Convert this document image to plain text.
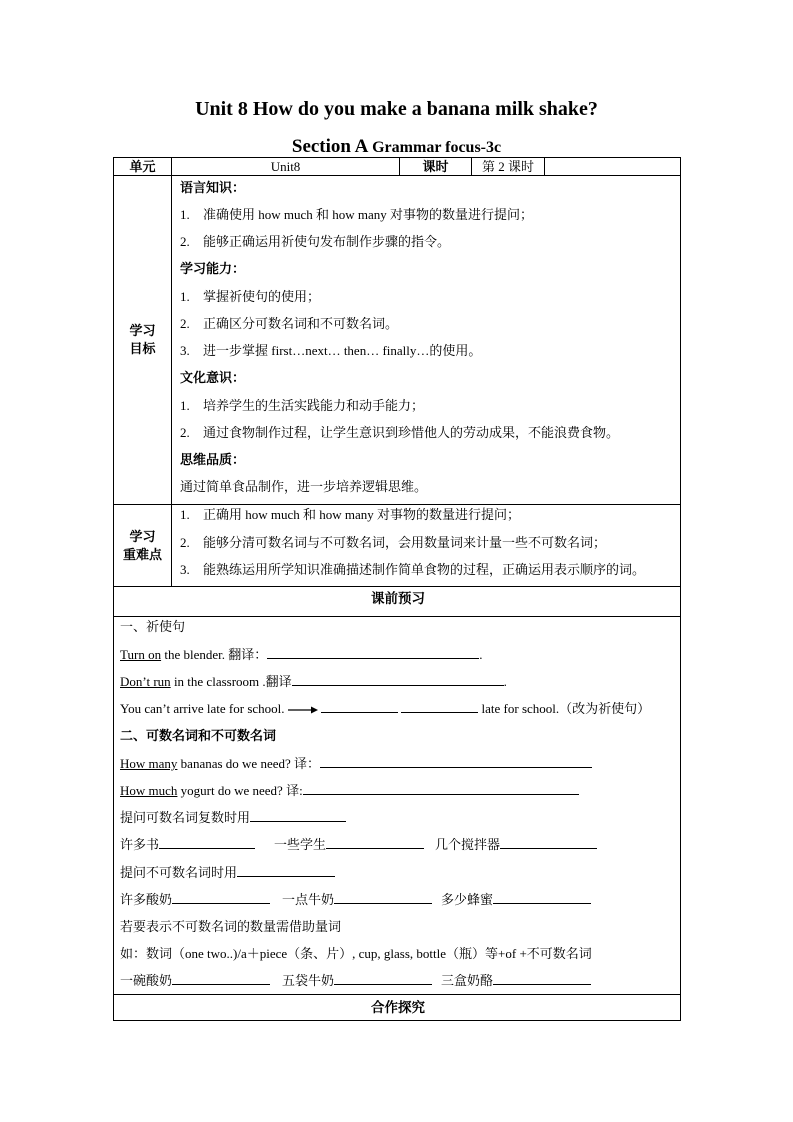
Unit 8 How do you make a banana milk shake?
Section A Grammar focus-3c
单元	Unit8	课时	第 2 课时
学习
目标
语言知识：
1. 准确使用 how much 和 how many 对事物的数量进行提问；
2. 能够正确运用祈使句发布制作步骤的指令。
学习能力：
1. 掌握祈使句的使用；
2. 正确区分可数名词和不可数名词。
3. 进一步掌握 first…next… then… finally…的使用。
文化意识：
1. 培养学生的生活实践能力和动手能力；
2. 通过食物制作过程，让学生意识到珍惜他人的劳动成果，不能浪费食物。
思维品质：
通过简单食品制作，进一步培养逻辑思维。
学习
重难点
1. 正确用 how much 和 how many 对事物的数量进行提问；
2. 能够分清可数名词与不可数名词，会用数量词来计量一些不可数名词；
3. 能熟练运用所学知识准确描述制作简单食物的过程，正确运用表示顺序的词。
课前预习
一、祈使句
Turn on the blender. 翻译：	.
Don’t run in the classroom .翻译	.
You can’t arrive late for school.	late for school.（改为祈使句）
二、可数名词和不可数名词
How many bananas do we need? 译：
How much yogurt do we need? 译:
提问可数名词复数时用
许多书	一些学生	几个搅拌器
提问不可数名词时用
许多酸奶	一点牛奶	多少蜂蜜
若要表示不可数名词的数量需借助量词
如：数词（one two..)/a＋piece（条、片）, cup, glass, bottle（瓶）等+of +不可数名词
一碗酸奶	五袋牛奶	三盒奶酪
合作探究
